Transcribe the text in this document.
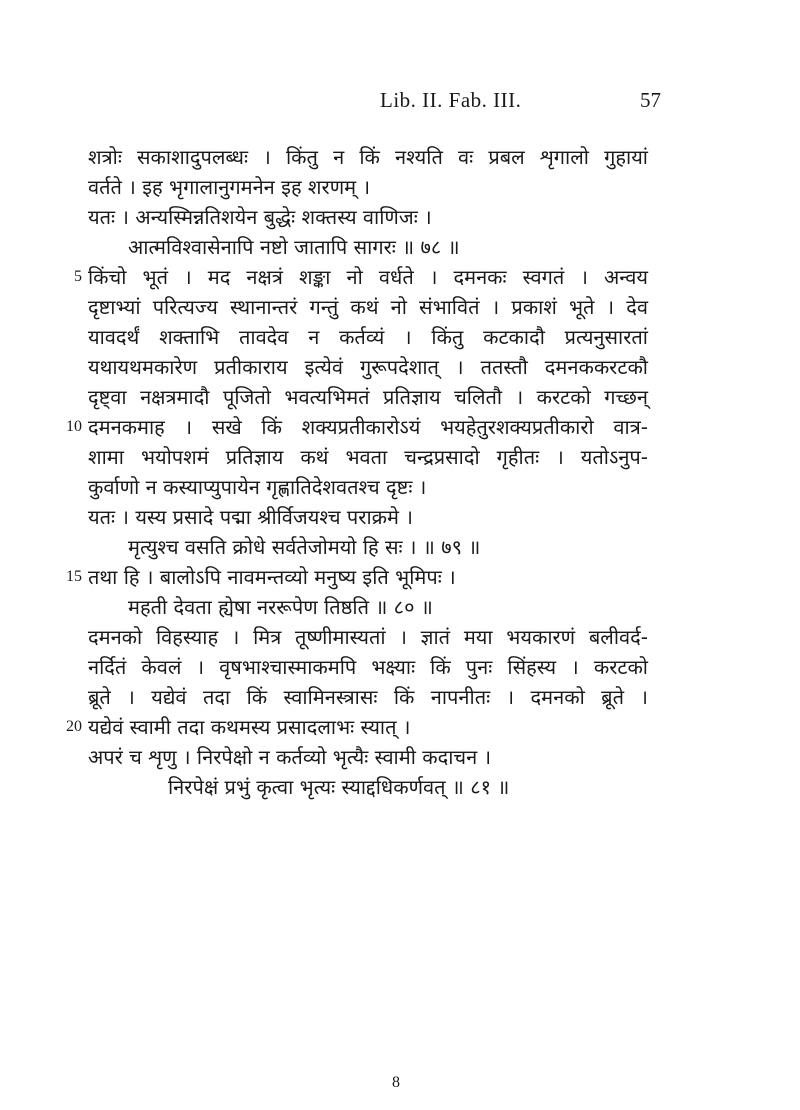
Lib. II. Fab. III.	57
शत्रोः सकाशादुपलब्धः । किंतु न किं नश्यति वः प्रबल शृगालो गुहायां
वर्तते । इह भृगालानुगमनेन इह शरणम् ।
यतः । अन्यस्मिन्नतिशयेन बुद्धेः शक्तस्य वाणिजः ।
आत्मविश्वासेनापि नष्टो जातापि सागरः ॥ ७८ ॥
5 किंचो भूतं । मद नक्षत्रं शङ्का नो वर्धते । दमनकः स्वगतं । अन्वय
दृष्टाभ्यां परित्यज्य स्थानान्तरं गन्तुं कथं नो संभावितं । प्रकाशं भूते । देव
यावदर्थं शक्ताभि तावदेव न कर्तव्यं । किंतु कटकादौ प्रत्यनुसारतां
यथायथमकारेण प्रतीकाराय इत्येवं गुरूपदेशात् । ततस्तौ दमनककरटकौ
दृष्ट्वा नक्षत्रमादौ पूजितो भवत्यभिमतं प्रतिज्ञाय चलितौ । करटको गच्छन्
10 दमनकमाह । सखे किं शक्यप्रतीकारोऽयं भयहेतुरशक्यप्रतीकारो वात्र-
शामा भयोपशमं प्रतिज्ञाय कथं भवता चन्द्रप्रसादो गृहीतः । यतोऽनुप-
कुर्वाणो न कस्याप्युपायेन गृह्णातिदेशवतश्च दृष्टः ।
यतः । यस्य प्रसादे पद्मा श्रीर्विजयश्च पराक्रमे ।
मृत्युश्च वसति क्रोधे सर्वतेजोमयो हि सः । ॥ ७९ ॥
15 तथा हि । बालोऽपि नावमन्तव्यो मनुष्य इति भूमिपः ।
महती देवता ह्येषा नररूपेण तिष्ठति ॥ ८० ॥
दमनको विहस्याह । मित्र तूष्णीमास्यतां । ज्ञातं मया भयकारणं बलीवर्द-
नर्दितं केवलं । वृषभाश्चास्माकमपि भक्ष्याः किं पुनः सिंहस्य । करटको
ब्रूते । यद्येवं तदा किं स्वामिनस्त्रासः किं नापनीतः । दमनको ब्रूते ।
20 यद्येवं स्वामी तदा कथमस्य प्रसादलाभः स्यात् ।
अपरं च शृणु । निरपेक्षो न कर्तव्यो भृत्यैः स्वामी कदाचन ।
निरपेक्षं प्रभुं कृत्वा भृत्यः स्याद्दधिकर्णवत् ॥ ८१ ॥
8
